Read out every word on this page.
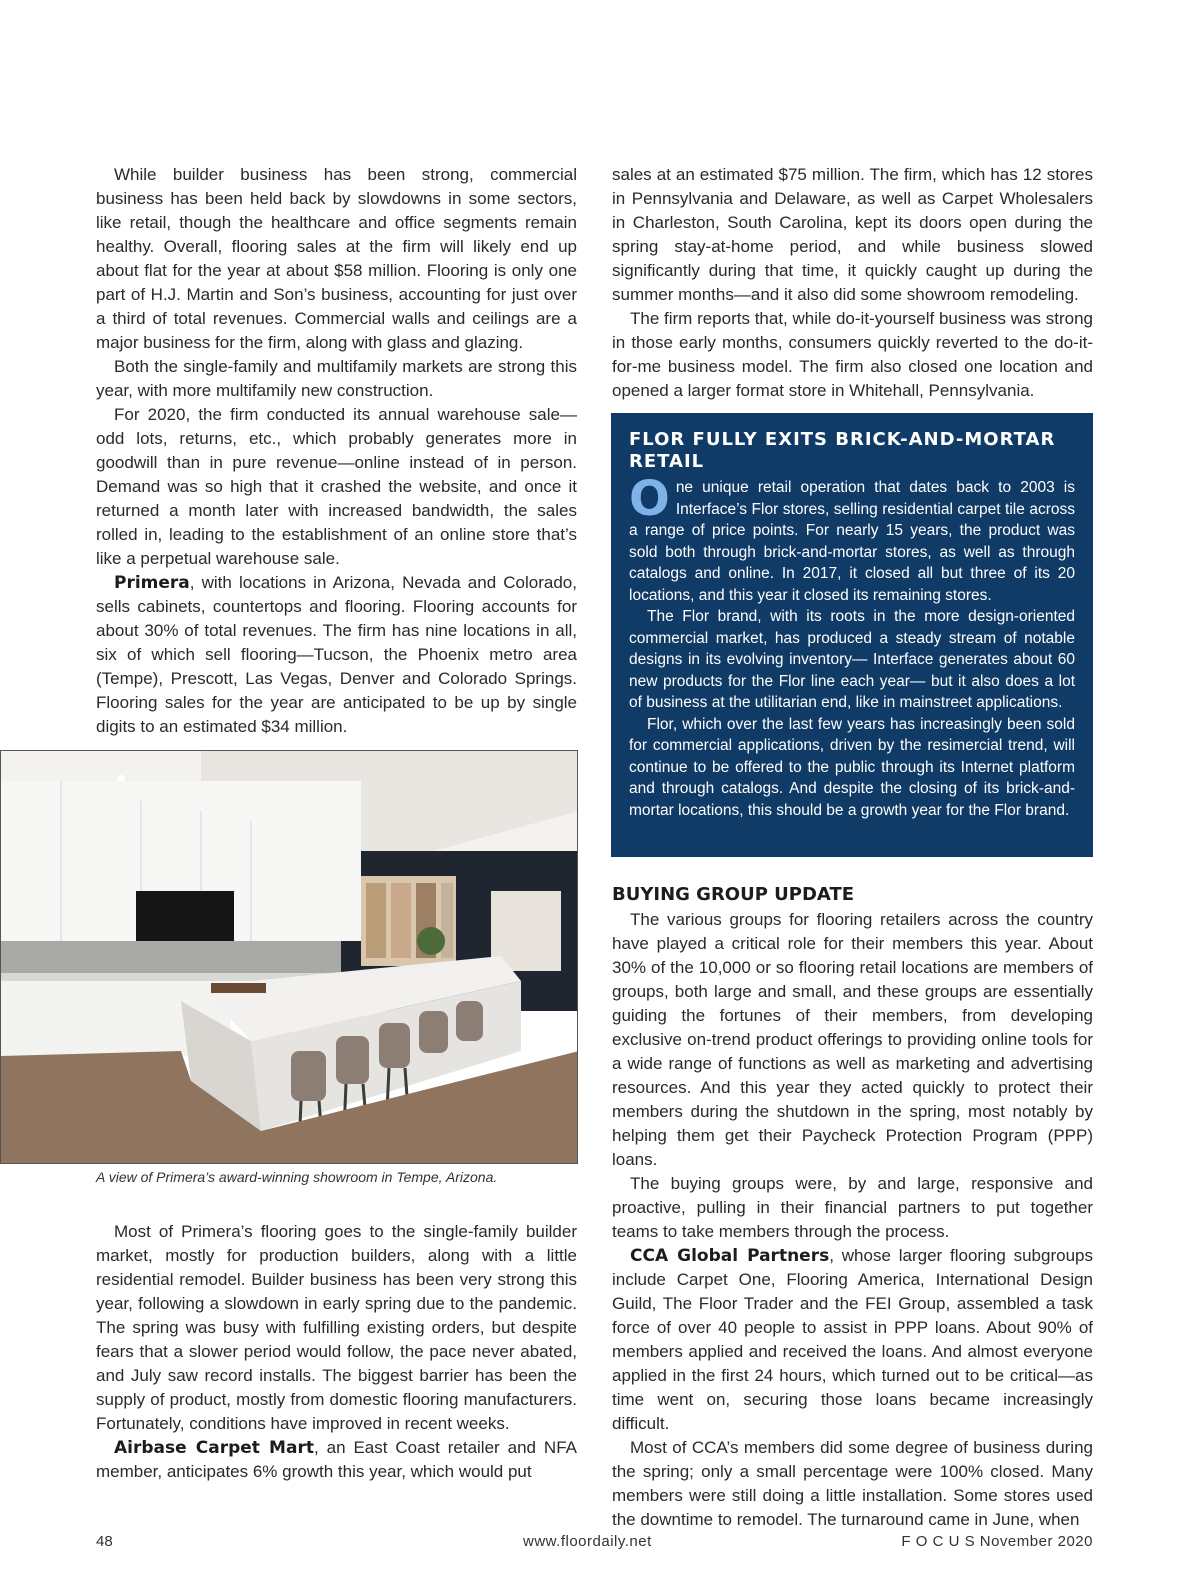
While builder business has been strong, commercial business has been held back by slowdowns in some sectors, like retail, though the healthcare and office segments remain healthy. Overall, flooring sales at the firm will likely end up about flat for the year at about $58 million. Flooring is only one part of H.J. Martin and Son’s business, accounting for just over a third of total revenues. Commercial walls and ceilings are a major business for the firm, along with glass and glazing.

Both the single-family and multifamily markets are strong this year, with more multifamily new construction.

For 2020, the firm conducted its annual warehouse sale—odd lots, returns, etc., which probably generates more in goodwill than in pure revenue—online instead of in person. Demand was so high that it crashed the website, and once it returned a month later with increased bandwidth, the sales rolled in, leading to the establishment of an online store that’s like a perpetual warehouse sale.

Primera, with locations in Arizona, Nevada and Colorado, sells cabinets, countertops and flooring. Flooring accounts for about 30% of total revenues. The firm has nine locations in all, six of which sell flooring—Tucson, the Phoenix metro area (Tempe), Prescott, Las Vegas, Denver and Colorado Springs. Flooring sales for the year are anticipated to be up by single digits to an estimated $34 million.

A view of Primera’s award-winning showroom in Tempe, Arizona.

Most of Primera’s flooring goes to the single-family builder market, mostly for production builders, along with a little residential remodel. Builder business has been very strong this year, following a slowdown in early spring due to the pandemic. The spring was busy with fulfilling existing orders, but despite fears that a slower period would follow, the pace never abated, and July saw record installs. The biggest barrier has been the supply of product, mostly from domestic flooring manufacturers. Fortunately, conditions have improved in recent weeks.

Airbase Carpet Mart, an East Coast retailer and NFA member, anticipates 6% growth this year, which would put

sales at an estimated $75 million. The firm, which has 12 stores in Pennsylvania and Delaware, as well as Carpet Wholesalers in Charleston, South Carolina, kept its doors open during the spring stay-at-home period, and while business slowed significantly during that time, it quickly caught up during the summer months—and it also did some showroom remodeling.

The firm reports that, while do-it-yourself business was strong in those early months, consumers quickly reverted to the do-it-for-me business model. The firm also closed one location and opened a larger format store in Whitehall, Pennsylvania.

FLOR FULLY EXITS BRICK-AND-MORTAR RETAIL

One unique retail operation that dates back to 2003 is Interface’s Flor stores, selling residential carpet tile across a range of price points. For nearly 15 years, the product was sold both through brick-and-mortar stores, as well as through catalogs and online. In 2017, it closed all but three of its 20 locations, and this year it closed its remaining stores.

The Flor brand, with its roots in the more design-oriented commercial market, has produced a steady stream of notable designs in its evolving inventory— Interface generates about 60 new products for the Flor line each year— but it also does a lot of business at the utilitarian end, like in mainstreet applications.

Flor, which over the last few years has increasingly been sold for commercial applications, driven by the resimercial trend, will continue to be offered to the public through its Internet platform and through catalogs. And despite the closing of its brick-and-mortar locations, this should be a growth year for the Flor brand.

BUYING GROUP UPDATE

The various groups for flooring retailers across the country have played a critical role for their members this year. About 30% of the 10,000 or so flooring retail locations are members of groups, both large and small, and these groups are essentially guiding the fortunes of their members, from developing exclusive on-trend product offerings to providing online tools for a wide range of functions as well as marketing and advertising resources. And this year they acted quickly to protect their members during the shutdown in the spring, most notably by helping them get their Paycheck Protection Program (PPP) loans.

The buying groups were, by and large, responsive and proactive, pulling in their financial partners to put together teams to take members through the process.

CCA Global Partners, whose larger flooring subgroups include Carpet One, Flooring America, International Design Guild, The Floor Trader and the FEI Group, assembled a task force of over 40 people to assist in PPP loans. About 90% of members applied and received the loans. And almost everyone applied in the first 24 hours, which turned out to be critical—as time went on, securing those loans became increasingly difficult.

Most of CCA’s members did some degree of business during the spring; only a small percentage were 100% closed. Many members were still doing a little installation. Some stores used the downtime to remodel. The turnaround came in June, when

48	www.floordaily.net	F O C U S November 2020
